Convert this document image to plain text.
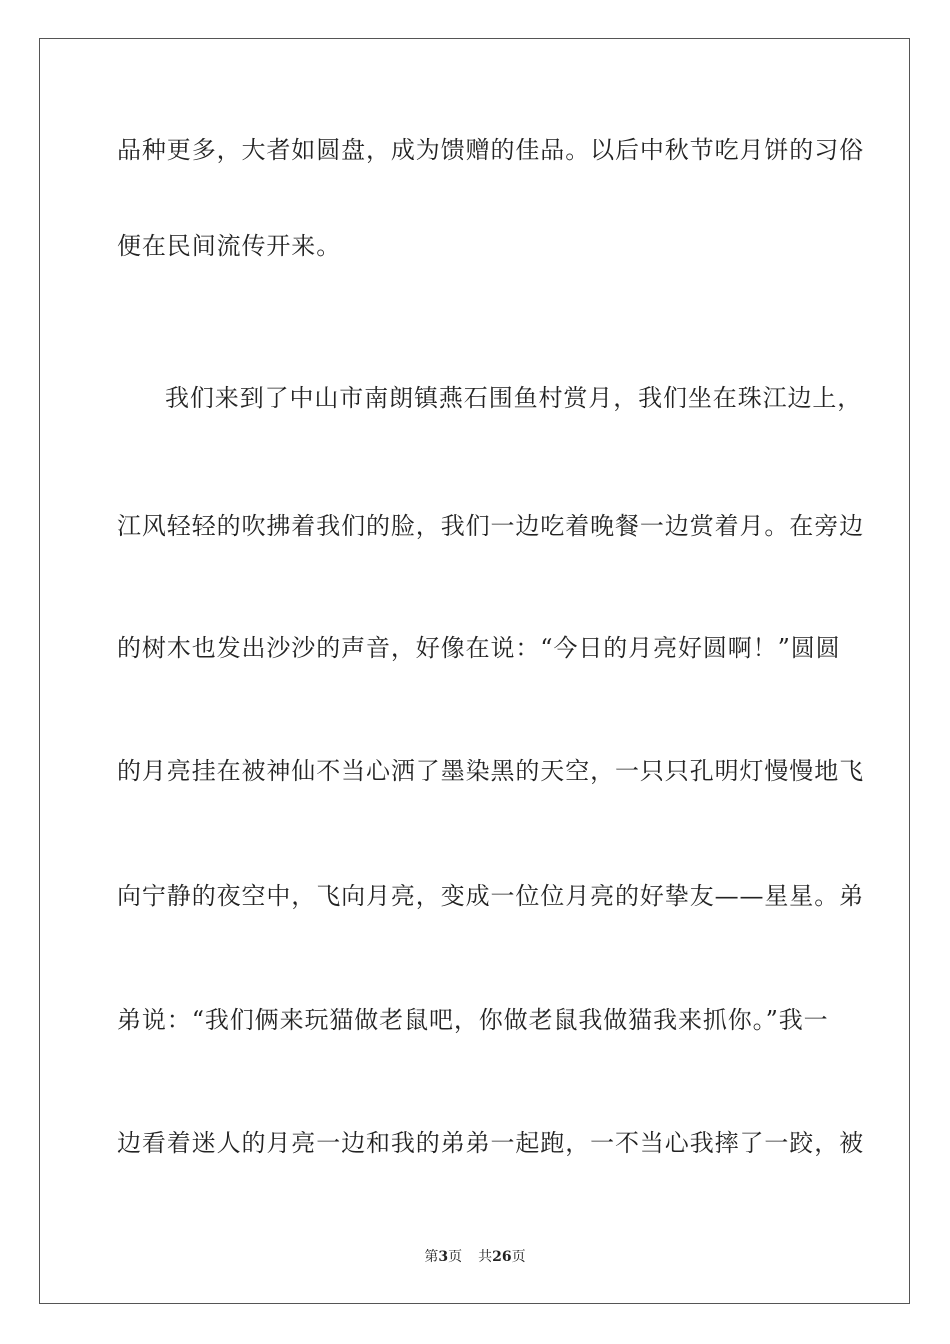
品种更多，大者如圆盘，成为馈赠的佳品。以后中秋节吃月饼的习俗

便在民间流传开来。

我们来到了中山市南朗镇燕石围鱼村赏月，我们坐在珠江边上，

江风轻轻的吹拂着我们的脸，我们一边吃着晚餐一边赏着月。在旁边

的树木也发出沙沙的声音，好像在说：“今日的月亮好圆啊！”圆圆

的月亮挂在被神仙不当心洒了墨染黑的天空，一只只孔明灯慢慢地飞

向宁静的夜空中，飞向月亮，变成一位位月亮的好挚友——星星。弟

弟说：“我们俩来玩猫做老鼠吧，你做老鼠我做猫我来抓你。”我一

边看着迷人的月亮一边和我的弟弟一起跑，一不当心我摔了一跤，被

第3页 共26页
